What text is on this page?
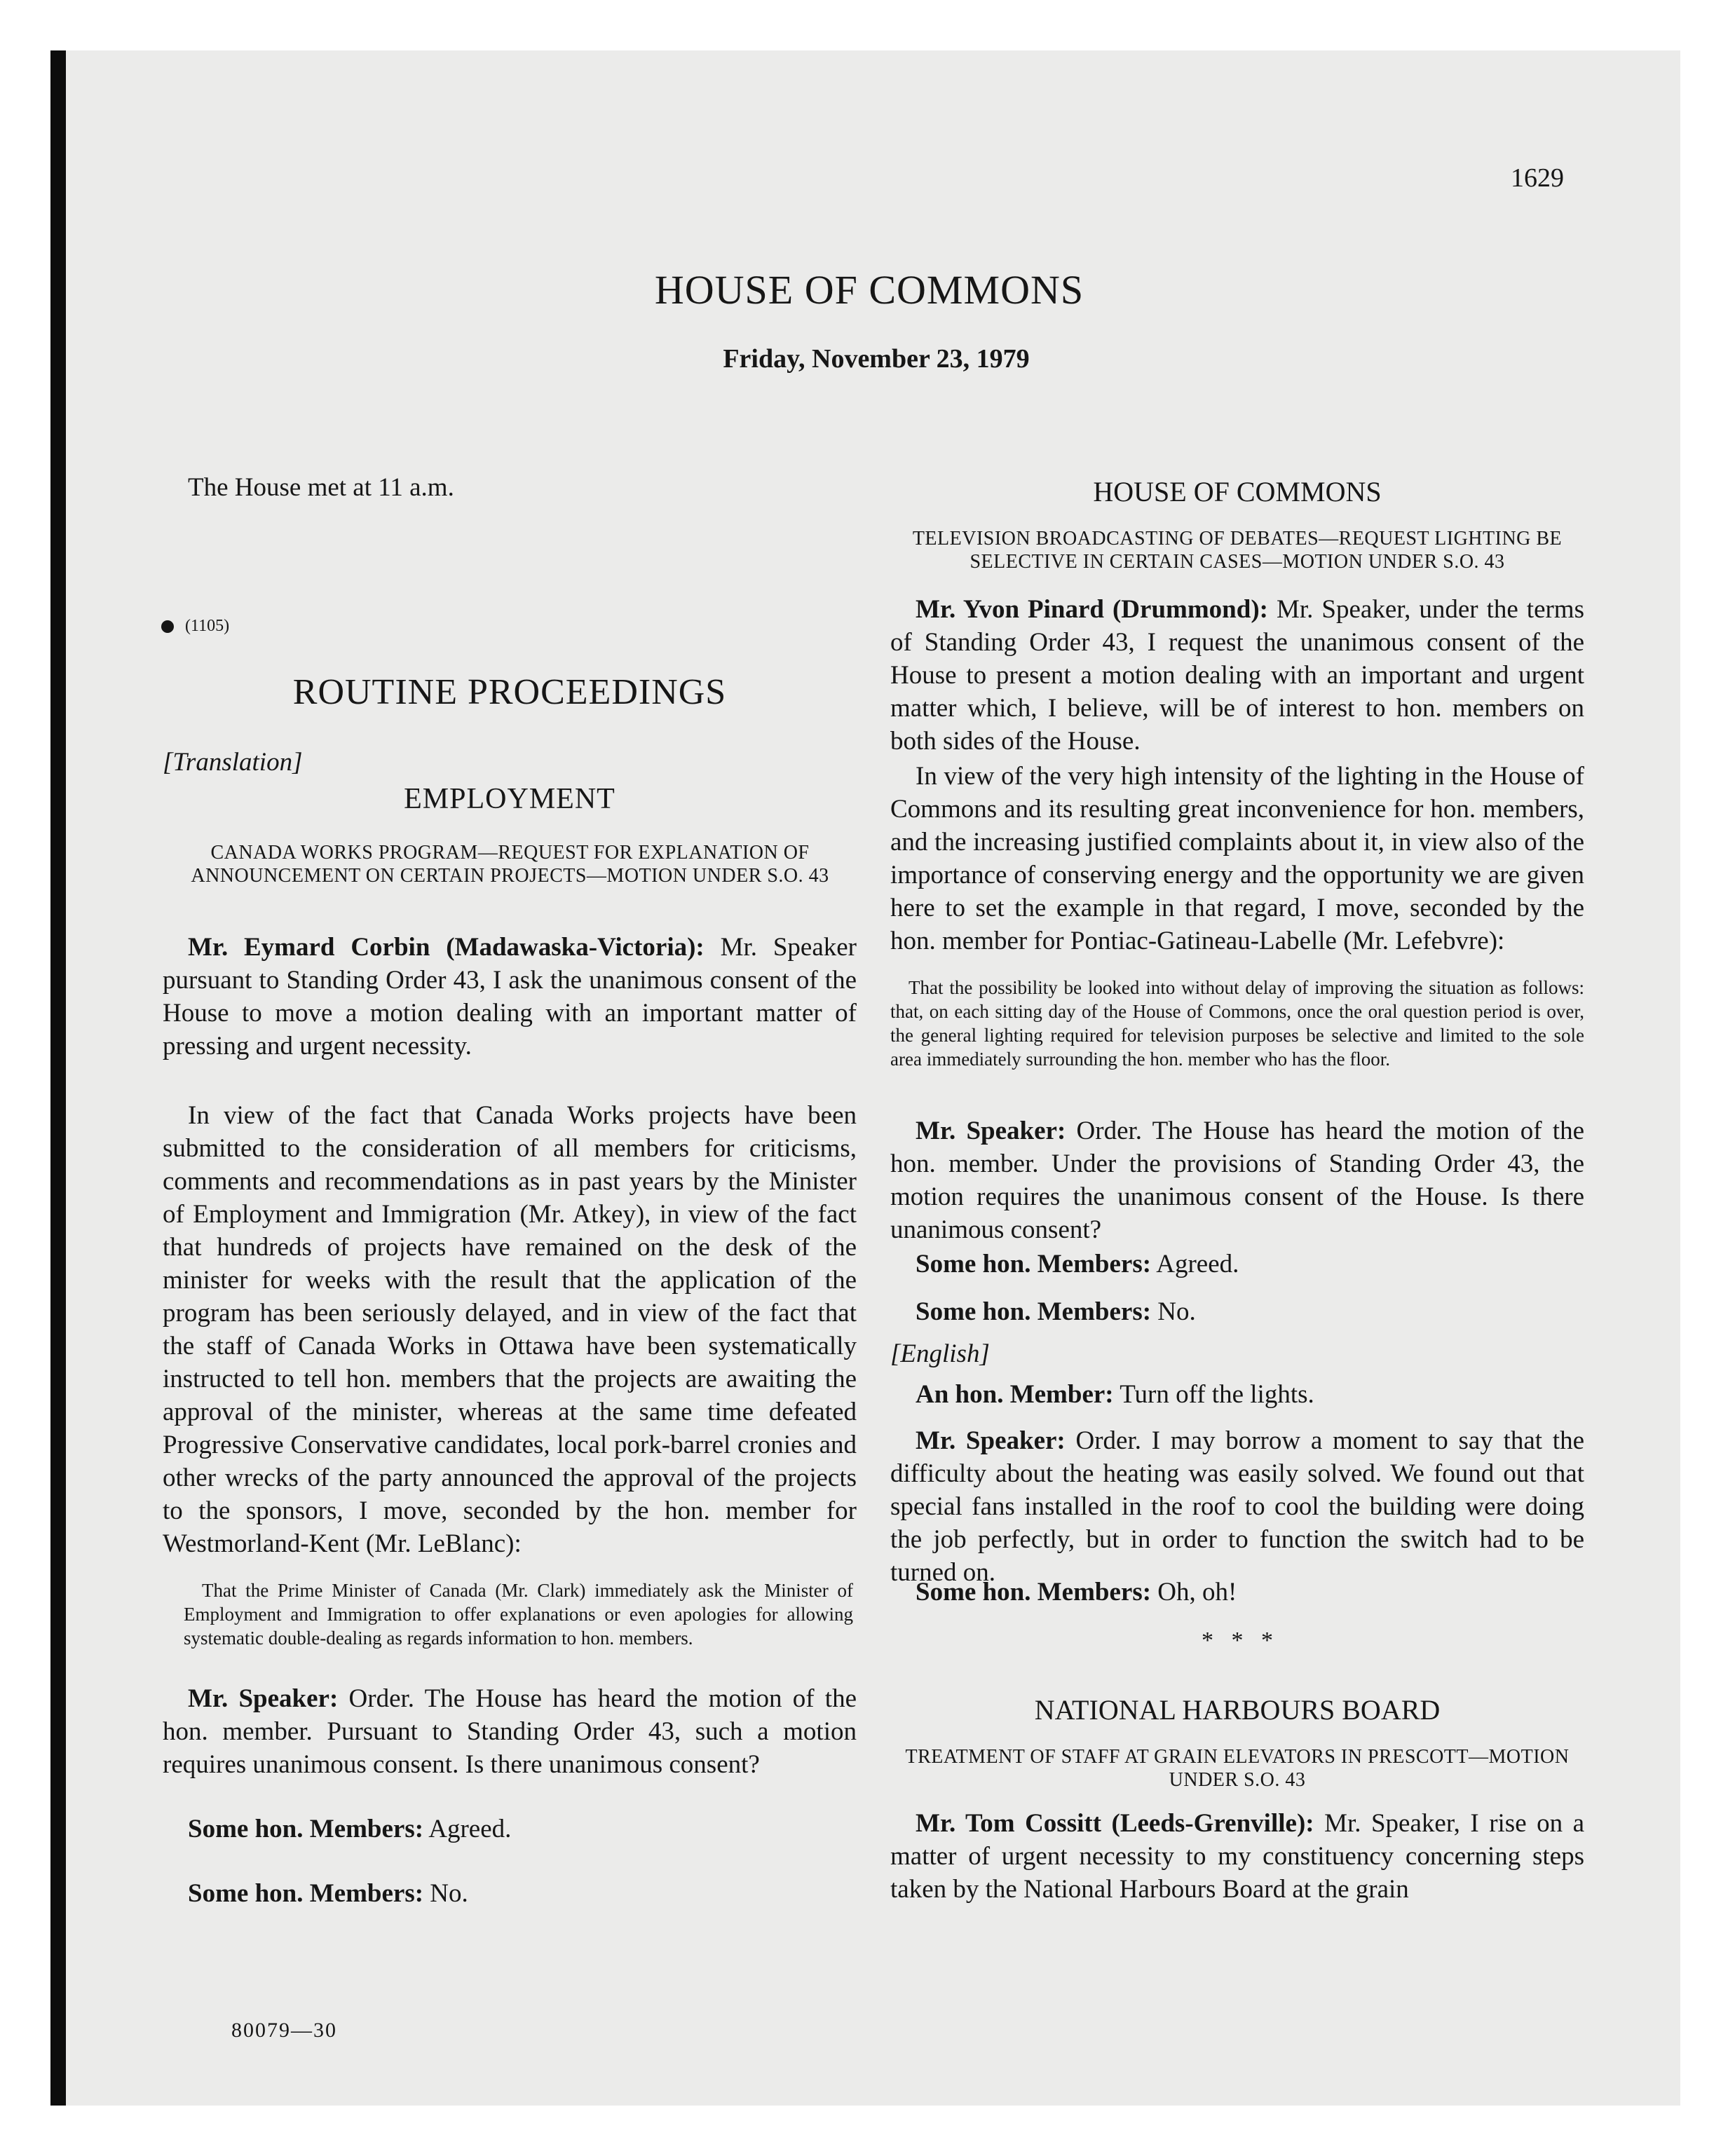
1629
HOUSE OF COMMONS
Friday, November 23, 1979
The House met at 11 a.m.
(1105)
ROUTINE PROCEEDINGS
[Translation]
EMPLOYMENT
CANADA WORKS PROGRAM—REQUEST FOR EXPLANATION OF ANNOUNCEMENT ON CERTAIN PROJECTS—MOTION UNDER S.O. 43

Mr. Eymard Corbin (Madawaska-Victoria): Mr. Speaker pursuant to Standing Order 43, I ask the unanimous consent of the House to move a motion dealing with an important matter of pressing and urgent necessity.

In view of the fact that Canada Works projects have been submitted to the consideration of all members for criticisms, comments and recommendations as in past years by the Minister of Employment and Immigration (Mr. Atkey), in view of the fact that hundreds of projects have remained on the desk of the minister for weeks with the result that the application of the program has been seriously delayed, and in view of the fact that the staff of Canada Works in Ottawa have been systematically instructed to tell hon. members that the projects are awaiting the approval of the minister, whereas at the same time defeated Progressive Conservative candidates, local pork-barrel cronies and other wrecks of the party announced the approval of the projects to the sponsors, I move, seconded by the hon. member for Westmorland-Kent (Mr. LeBlanc):

That the Prime Minister of Canada (Mr. Clark) immediately ask the Minister of Employment and Immigration to offer explanations or even apologies for allowing systematic double-dealing as regards information to hon. members.

Mr. Speaker: Order. The House has heard the motion of the hon. member. Pursuant to Standing Order 43, such a motion requires unanimous consent. Is there unanimous consent?

Some hon. Members: Agreed.

Some hon. Members: No.

80079—30
HOUSE OF COMMONS
TELEVISION BROADCASTING OF DEBATES—REQUEST LIGHTING BE SELECTIVE IN CERTAIN CASES—MOTION UNDER S.O. 43

Mr. Yvon Pinard (Drummond): Mr. Speaker, under the terms of Standing Order 43, I request the unanimous consent of the House to present a motion dealing with an important and urgent matter which, I believe, will be of interest to hon. members on both sides of the House.

In view of the very high intensity of the lighting in the House of Commons and its resulting great inconvenience for hon. members, and the increasing justified complaints about it, in view also of the importance of conserving energy and the opportunity we are given here to set the example in that regard, I move, seconded by the hon. member for Pontiac-Gatineau-Labelle (Mr. Lefebvre):

That the possibility be looked into without delay of improving the situation as follows: that, on each sitting day of the House of Commons, once the oral question period is over, the general lighting required for television purposes be selective and limited to the sole area immediately surrounding the hon. member who has the floor.

Mr. Speaker: Order. The House has heard the motion of the hon. member. Under the provisions of Standing Order 43, the motion requires the unanimous consent of the House. Is there unanimous consent?

Some hon. Members: Agreed.

Some hon. Members: No.

[English]

An hon. Member: Turn off the lights.

Mr. Speaker: Order. I may borrow a moment to say that the difficulty about the heating was easily solved. We found out that special fans installed in the roof to cool the building were doing the job perfectly, but in order to function the switch had to be turned on.

Some hon. Members: Oh, oh!

*   *   *
NATIONAL HARBOURS BOARD
TREATMENT OF STAFF AT GRAIN ELEVATORS IN PRESCOTT—MOTION UNDER S.O. 43

Mr. Tom Cossitt (Leeds-Grenville): Mr. Speaker, I rise on a matter of urgent necessity to my constituency concerning steps taken by the National Harbours Board at the grain
